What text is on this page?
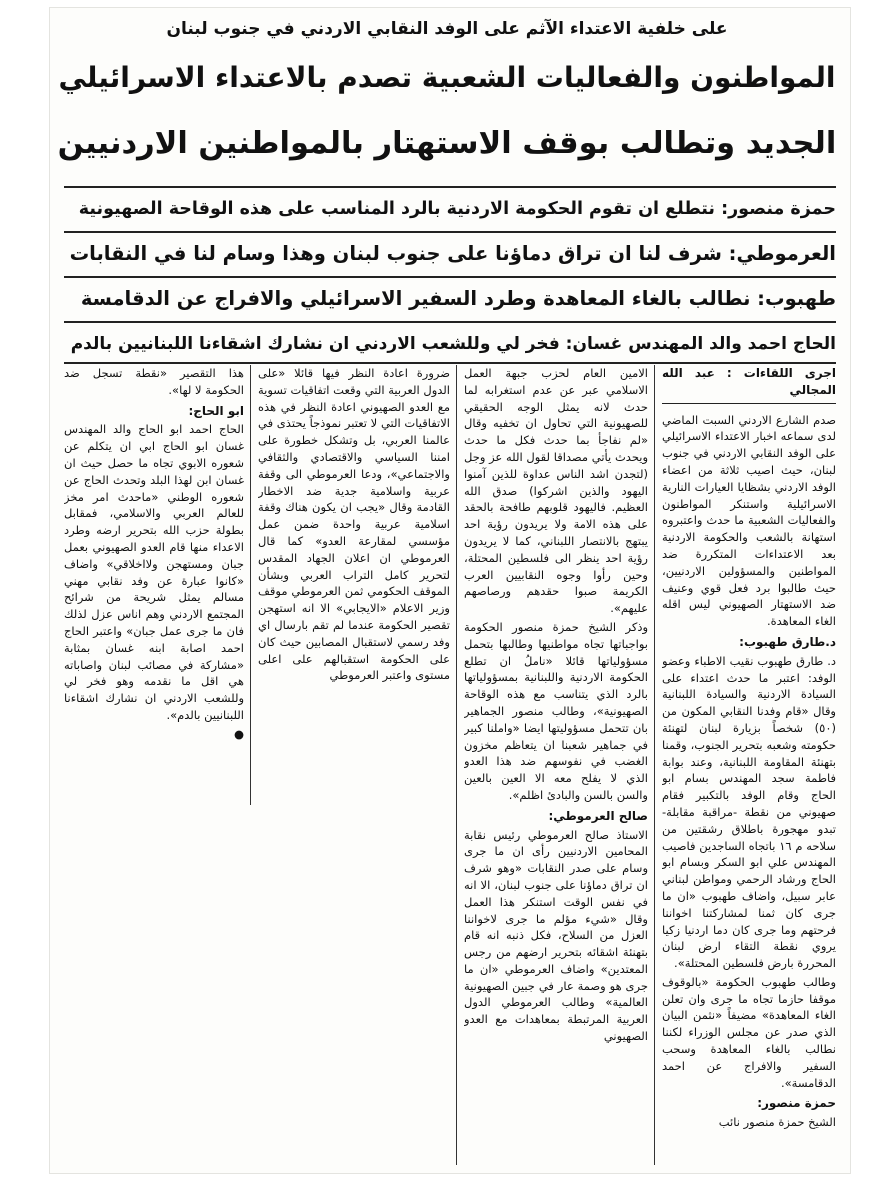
على خلفية الاعتداء الآثم على الوفد النقابي الاردني في جنوب لبنان
المواطنون والفعاليات الشعبية تصدم بالاعتداء الاسرائيلي
الجديد وتطالب بوقف الاستهتار بالمواطنين الاردنيين
حمزة منصور: نتطلع ان تقوم الحكومة الاردنية بالرد المناسب على هذه الوقاحة الصهيونية
العرموطي: شرف لنا ان تراق دماؤنا على جنوب لبنان وهذا وسام لنا في النقابات
طهبوب: نطالب بالغاء المعاهدة وطرد السفير الاسرائيلي والافراج عن الدقامسة
الحاج احمد والد المهندس غسان: فخر لي وللشعب الاردني ان نشارك اشقاءنا اللبنانيين بالدم
اجرى اللقاءات : عبد الله المجالي

صدم الشارع الاردني السبت الماضي لدى سماعه اخبار الاعتداء الاسرائيلي على الوفد النقابي الاردني في جنوب لبنان، حيث اصيب ثلاثة من اعضاء الوفد الاردني بشظايا العيارات النارية الاسرائيلية واستنكر المواطنون والفعاليات الشعبية ما حدث واعتبروه استهانة بالشعب والحكومة الاردنية بعد الاعتداءات المتكررة ضد المواطنين والمسؤولين الاردنيين، حيث طالبوا برد فعل قوي وعنيف ضد الاستهتار الصهيوني ليس اقله الغاء المعاهدة.

د.طارق طهبوب:

د. طارق طهبوب نقيب الاطباء وعضو الوفد: اعتبر ما حدث اعتداء على السيادة الاردنية والسيادة اللبنانية وقال «قام وفدنا النقابي المكون من (٥٠) شخصاً بزيارة لبنان لتهنئة حكومته وشعبه بتحرير الجنوب، وقمنا بتهنئة المقاومة اللبنانية، وعند بوابة فاطمة سجد المهندس بسام ابو الحاج وقام الوفد بالتكبير فقام صهيوني من نقطة -مراقبة مقابلة- تبدو مهجورة باطلاق رشقتين من سلاحه م ١٦ باتجاه الساجدين فاصيب المهندس علي ابو السكر وبسام ابو الحاج ورشاد الرحمي ومواطن لبناني عابر سبيل، واضاف طهبوب «ان ما جرى كان ثمنا لمشاركتنا اخواننا فرحتهم وما جرى كان دما اردنيا زكيا يروي نقطة التقاء ارض لبنان المحررة بارض فلسطين المحتلة».

وطالب طهبوب الحكومة «بالوقوف موقفا حازما تجاه ما جرى وان تعلن الغاء المعاهدة» مضيفاً «نثمن البيان الذي صدر عن مجلس الوزراء لكننا نطالب بالغاء المعاهدة وسحب السفير والافراج عن احمد الدقامسة».

حمزة منصور:

الشيخ حمزة منصور نائب

الامين العام لحزب جبهة العمل الاسلامي عبر عن عدم استغرابه لما حدث لانه يمثل الوجه الحقيقي للصهيونية التي تحاول ان تخفيه وقال «لم نفاجأ بما حدث فكل ما حدث ويحدث يأتي مصداقا لقول الله عز وجل (لتجدن اشد الناس عداوة للذين آمنوا اليهود والذين اشركوا) صدق الله العظيم. فاليهود قلوبهم طافحة بالحقد على هذه الامة ولا يريدون رؤية احد يبتهج بالانتصار اللبناني، كما لا يريدون رؤية احد ينظر الى فلسطين المحتلة، وحين رأوا وجوه النقابيين العرب الكريمة صبوا حقدهم ورصاصهم عليهم».

وذكر الشيخ حمزة منصور الحكومة بواجباتها تجاه مواطنيها وطالبها بتحمل مسؤولياتها قائلا «ناملُ ان تطلع الحكومة الاردنية واللبنانية بمسؤولياتها بالرد الذي يتناسب مع هذه الوقاحة الصهيونية»، وطالب منصور الجماهير بان تتحمل مسؤوليتها ايضا «واملنا كبير في جماهير شعبنا ان يتعاظم مخزون الغضب في نفوسهم ضد هذا العدو الذي لا يفلح معه الا العين بالعين والسن بالسن والبادئ اظلم».

صالح العرموطي:

الاستاذ صالح العرموطي رئيس نقابة المحامين الاردنيين رأى ان ما جرى وسام على صدر النقابات «وهو شرف ان تراق دماؤنا على جنوب لبنان، الا انه في نفس الوقت استنكر هذا العمل وقال «شيء مؤلم ما جرى لاخواننا العزل من السلاح، فكل ذنبه انه قام بتهنئة اشقائه بتحرير ارضهم من رجس المعتدين» واضاف العرموطي «ان ما جرى هو وصمة عار في جبين الصهيونية العالمية» وطالب العرموطي الدول العربية المرتبطة بمعاهدات مع العدو الصهيوني

ضرورة اعادة النظر فيها قائلا «على الدول العربية التي وقعت اتفاقيات تسوية مع العدو الصهيوني اعادة النظر في هذه الاتفاقيات التي لا تعتبر نموذجاً يحتذى في عالمنا العربي، بل وتشكل خطورة على امننا السياسي والاقتصادي والثقافي والاجتماعي»، ودعا العرموطي الى وقفة عربية واسلامية جدية ضد الاخطار القادمة وقال «يجب ان يكون هناك وقفة اسلامية عربية واحدة ضمن عمل مؤسسي لمقارعة العدو» كما قال العرموطي ان اعلان الجهاد المقدس لتحرير كامل التراب العربي وبشأن الموقف الحكومي ثمن العرموطي موقف وزير الاعلام «الايجابي» الا انه استهجن تقصير الحكومة عندما لم تقم بارسال اي وفد رسمي لاستقبال المصابين حيث كان على الحكومة استقبالهم على اعلى مستوى واعتبر العرموطي

هذا التقصير «نقطة تسجل ضد الحكومة لا لها».

ابو الحاج:

الحاج احمد ابو الحاج والد المهندس غسان ابو الحاج ابي ان يتكلم عن شعوره الابوي تجاه ما حصل حيث ان غسان ابن لهذا البلد وتحدث الحاج عن شعوره الوطني «ماحدث امر مخز للعالم العربي والاسلامي، فمقابل بطولة حزب الله بتحرير ارضه وطرد الاعداء منها قام العدو الصهيوني بعمل جبان ومستهجن ولااخلاقي» واضاف «كانوا عبارة عن وفد نقابي مهني مسالم يمثل شريحة من شرائح المجتمع الاردني وهم اناس عزل لذلك فان ما جرى عمل جبان» واعتبر الحاج احمد اصابة ابنه غسان بمثابة «مشاركة في مصائب لبنان واصاباته هي اقل ما نقدمه وهو فخر لي وللشعب الاردني ان نشارك اشقاءنا اللبنانيين بالدم».

●
